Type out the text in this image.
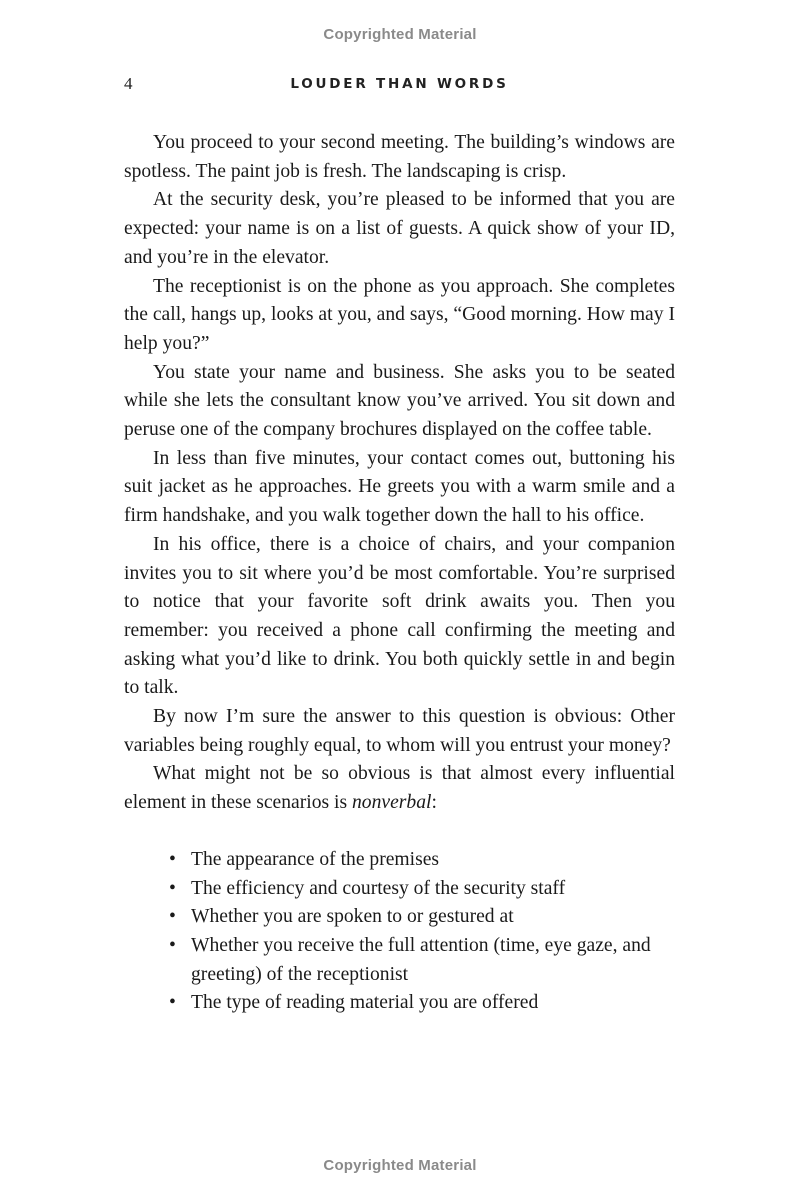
Copyrighted Material
4	LOUDER THAN WORDS

You proceed to your second meeting. The building’s windows are spotless. The paint job is fresh. The landscaping is crisp.

At the security desk, you’re pleased to be informed that you are expected: your name is on a list of guests. A quick show of your ID, and you’re in the elevator.

The receptionist is on the phone as you approach. She completes the call, hangs up, looks at you, and says, “Good morning. How may I help you?”

You state your name and business. She asks you to be seated while she lets the consultant know you’ve arrived. You sit down and peruse one of the company brochures displayed on the coffee table.

In less than five minutes, your contact comes out, buttoning his suit jacket as he approaches. He greets you with a warm smile and a firm handshake, and you walk together down the hall to his office.

In his office, there is a choice of chairs, and your companion invites you to sit where you’d be most comfortable. You’re surprised to notice that your favorite soft drink awaits you. Then you remember: you received a phone call confirming the meeting and asking what you’d like to drink. You both quickly settle in and begin to talk.

By now I’m sure the answer to this question is obvious: Other variables being roughly equal, to whom will you entrust your money?

What might not be so obvious is that almost every influential element in these scenarios is nonverbal:

• The appearance of the premises
• The efficiency and courtesy of the security staff
• Whether you are spoken to or gestured at
• Whether you receive the full attention (time, eye gaze, and greeting) of the receptionist
• The type of reading material you are offered
Copyrighted Material
